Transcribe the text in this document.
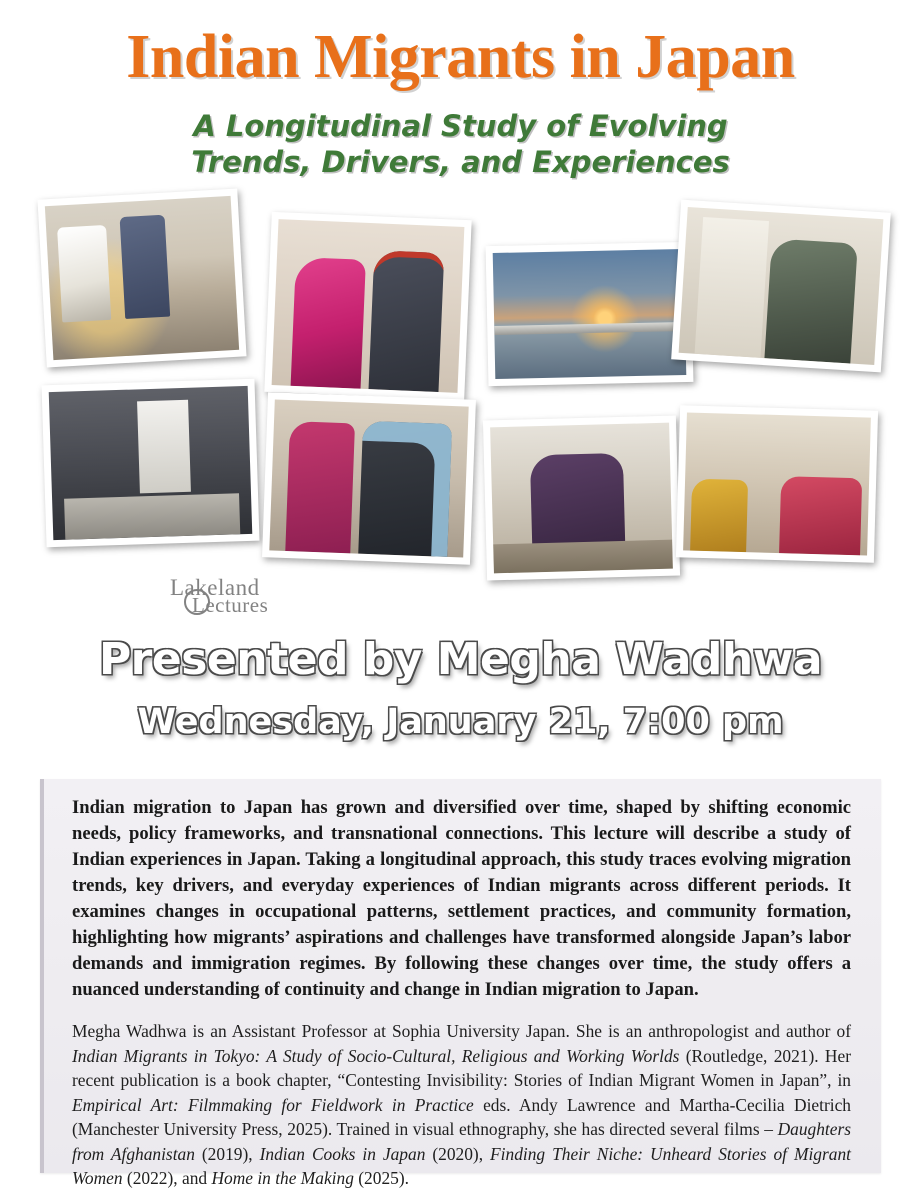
Indian Migrants in Japan
A Longitudinal Study of Evolving
Trends, Drivers, and Experiences
Lakeland
Lectures
Presented by Megha Wadhwa
Wednesday, January 21, 7:00 pm

Indian migration to Japan has grown and diversified over time, shaped by shifting economic needs, policy frameworks, and transnational connections. This lecture will describe a study of Indian experiences in Japan. Taking a longitudinal approach, this study traces evolving migration trends, key drivers, and everyday experiences of Indian migrants across different periods. It examines changes in occupational patterns, settlement practices, and community formation, highlighting how migrants’ aspirations and challenges have transformed alongside Japan’s labor demands and immigration regimes. By following these changes over time, the study offers a nuanced understanding of continuity and change in Indian migration to Japan.

Megha Wadhwa is an Assistant Professor at Sophia University Japan. She is an anthropologist and author of Indian Migrants in Tokyo: A Study of Socio-Cultural, Religious and Working Worlds (Routledge, 2021). Her recent publication is a book chapter, “Contesting Invisibility: Stories of Indian Migrant Women in Japan”, in Empirical Art: Filmmaking for Fieldwork in Practice eds. Andy Lawrence and Martha-Cecilia Dietrich (Manchester University Press, 2025). Trained in visual ethnography, she has directed several films – Daughters from Afghanistan (2019), Indian Cooks in Japan (2020), Finding Their Niche: Unheard Stories of Migrant Women (2022), and Home in the Making (2025).
